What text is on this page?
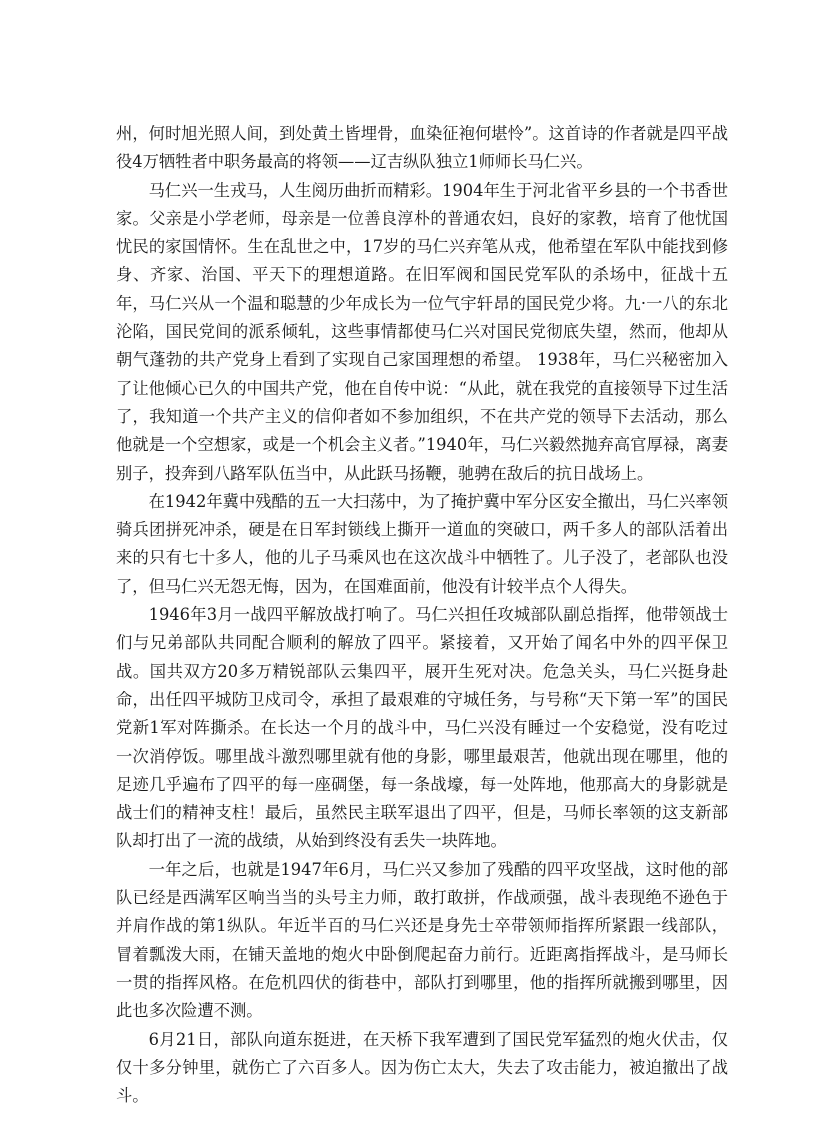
州，何时旭光照人间，到处黄土皆埋骨，血染征袍何堪怜”。这首诗的作者就是四平战役4万牺牲者中职务最高的将领——辽吉纵队独立1师师长马仁兴。

马仁兴一生戎马，人生阅历曲折而精彩。1904年生于河北省平乡县的一个书香世家。父亲是小学老师，母亲是一位善良淳朴的普通农妇，良好的家教，培育了他忧国忧民的家国情怀。生在乱世之中，17岁的马仁兴弃笔从戎，他希望在军队中能找到修身、齐家、治国、平天下的理想道路。在旧军阀和国民党军队的杀场中，征战十五年，马仁兴从一个温和聪慧的少年成长为一位气宇轩昂的国民党少将。九·一八的东北沦陷，国民党间的派系倾轧，这些事情都使马仁兴对国民党彻底失望，然而，他却从朝气蓬勃的共产党身上看到了实现自己家国理想的希望。 1938年，马仁兴秘密加入了让他倾心已久的中国共产党，他在自传中说：“从此，就在我党的直接领导下过生活了，我知道一个共产主义的信仰者如不参加组织，不在共产党的领导下去活动，那么他就是一个空想家，或是一个机会主义者。”1940年，马仁兴毅然抛弃高官厚禄，离妻别子，投奔到八路军队伍当中，从此跃马扬鞭，驰骋在敌后的抗日战场上。

在1942年冀中残酷的五一大扫荡中，为了掩护冀中军分区安全撤出，马仁兴率领骑兵团拼死冲杀，硬是在日军封锁线上撕开一道血的突破口，两千多人的部队活着出来的只有七十多人，他的儿子马乘风也在这次战斗中牺牲了。儿子没了，老部队也没了，但马仁兴无怨无悔，因为，在国难面前，他没有计较半点个人得失。

1946年3月一战四平解放战打响了。马仁兴担任攻城部队副总指挥，他带领战士们与兄弟部队共同配合顺利的解放了四平。紧接着，又开始了闻名中外的四平保卫战。国共双方20多万精锐部队云集四平，展开生死对决。危急关头，马仁兴挺身赴命，出任四平城防卫戍司令，承担了最艰难的守城任务，与号称“天下第一军”的国民党新1军对阵撕杀。在长达一个月的战斗中，马仁兴没有睡过一个安稳觉，没有吃过一次消停饭。哪里战斗激烈哪里就有他的身影，哪里最艰苦，他就出现在哪里，他的足迹几乎遍布了四平的每一座碉堡，每一条战壕，每一处阵地，他那高大的身影就是战士们的精神支柱！最后，虽然民主联军退出了四平，但是，马师长率领的这支新部队却打出了一流的战绩，从始到终没有丢失一块阵地。

一年之后，也就是1947年6月，马仁兴又参加了残酷的四平攻坚战，这时他的部队已经是西满军区响当当的头号主力师，敢打敢拼，作战顽强，战斗表现绝不逊色于并肩作战的第1纵队。年近半百的马仁兴还是身先士卒带领师指挥所紧跟一线部队，冒着瓢泼大雨，在铺天盖地的炮火中卧倒爬起奋力前行。近距离指挥战斗，是马师长一贯的指挥风格。在危机四伏的街巷中，部队打到哪里，他的指挥所就搬到哪里，因此也多次险遭不测。

6月21日，部队向道东挺进，在天桥下我军遭到了国民党军猛烈的炮火伏击，仅仅十多分钟里，就伤亡了六百多人。因为伤亡太大，失去了攻击能力，被迫撤出了战斗。
